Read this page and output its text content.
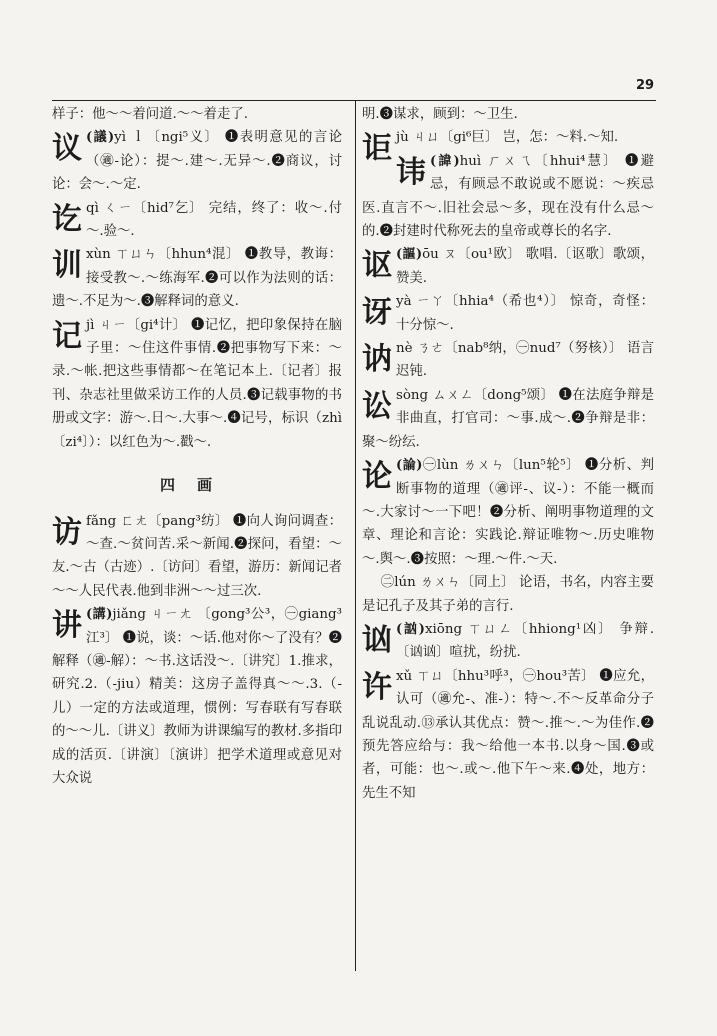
29

样子：他～～着问道.～～着走了.

议 (議)yì ｌ〔ngi⁵义〕 ❶表明意见的言论（㊜-论）：提～.建～.无异～.❷商议，讨论：会～.～定.
讫qì ㄑㄧ〔hid⁷乞〕 完结，终了：收～.付～.验～.
训xùn ㄒㄩㄣ〔hhun⁴混〕 ❶教导，教诲：接受教～.～练海军.❷可以作为法则的话：遗～.不足为～.❸解释词的意义.
记jì ㄐㄧ〔gi⁴计〕 ❶记忆，把印象保持在脑子里：～住这件事情.❷把事物写下来：～录.～帐.把这些事情都～在笔记本上.〔记者〕报刊、杂志社里做采访工作的人员.❸记载事物的书册或文字：游～.日～.大事～.❹记号，标识（zhì〔zi⁴〕）：以红色为～.戳～.
四画
访fǎng ㄈㄤ〔pang³纺〕 ❶向人询问调查：～查.～贫问苦.采～新闻.❷探问，看望：～友.～古（古迹）.〔访问〕看望，游历：新闻记者～～人民代表.他到非洲～～过三次.
讲 (講)jiǎng ㄐㄧㄤ 〔gong³公³，㊀giang³江³〕 ❶说，谈：～话.他对你～了没有？❷解释（㊜-解）：～书.这话没～.〔讲究〕1.推求，研究.2.（-jiu）精美：这房子盖得真～～.3.（-儿）一定的方法或道理，惯例：写春联有写春联的～～儿.〔讲义〕教师为讲课编写的教材.多指印成的活页.〔讲演〕〔演讲〕把学术道理或意见对大众说

明.❸谋求，顾到：～卫生.

讵jù ㄐㄩ〔gi⁶巨〕 岂，怎：～料.～知.
讳 (諱)huì ㄏㄨㄟ〔hhui⁴慧〕 ❶避忌，有顾忌不敢说或不愿说：～疾忌医.直言不～.旧社会忌～多，现在没有什么忌～的.❷封建时代称死去的皇帝或尊长的名字.
讴 (謳)ōu ㄡ〔ou¹欧〕 歌唱.〔讴歌〕歌颂，赞美.
讶yà ㄧㄚ〔hhia⁴（希也⁴）〕 惊奇，奇怪：十分惊～.
讷nè ㄋㄜ〔nab⁸纳，㊀nud⁷（努核）〕 语言迟钝.
讼sòng ㄙㄨㄥ〔dong⁵颂〕 ❶在法庭争辩是非曲直，打官司：～事.成～.❷争辩是非：聚～纷纭.
论 (論)㊀lùn ㄌㄨㄣ〔lun⁵轮⁵〕 ❶分析、判断事物的道理（㊜评-、议-）：不能一概而～.大家讨～一下吧！❷分析、阐明事物道理的文章、理论和言论：实践论.辩证唯物～.历史唯物～.舆～.❸按照：～理.～件.～天.

㊁lún ㄌㄨㄣ〔同上〕 论语，书名，内容主要是记孔子及其子弟的言行.

讻 (訩)xiōng ㄒㄩㄥ〔hhiong¹凶〕 争辩.〔讻讻〕喧扰，纷扰.
许xǔ ㄒㄩ〔hhu³呼³，㊀hou³苦〕 ❶应允，认可（㊜允-、准-）：特～.不～反革命分子乱说乱动.⑬承认其优点：赞～.推～.～为佳作.❷预先答应给与：我～给他一本书.以身～国.❸或者，可能：也～.或～.他下午～来.❹处，地方：先生不知
